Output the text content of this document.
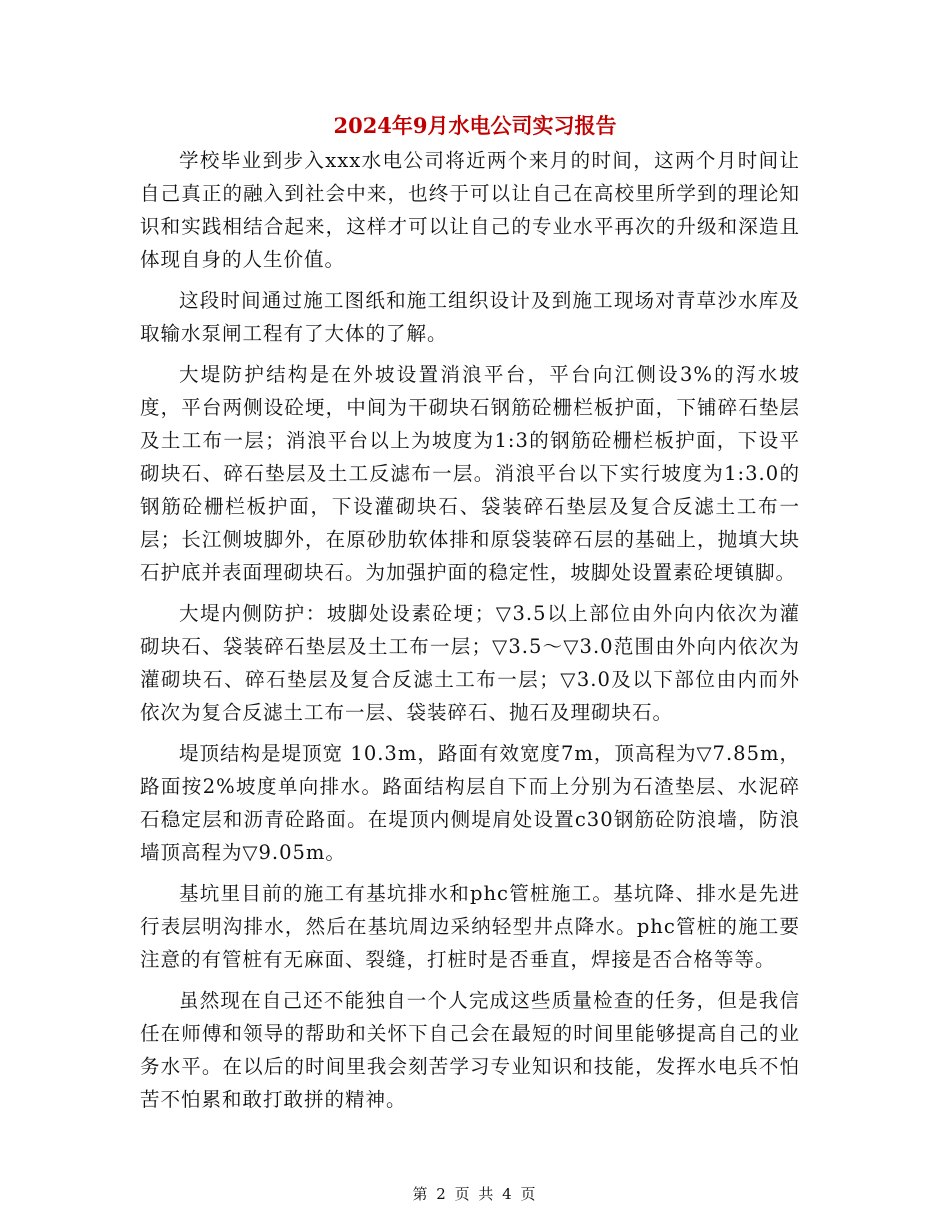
2024年9月水电公司实习报告

学校毕业到步入xxx水电公司将近两个来月的时间，这两个月时间让自己真正的融入到社会中来，也终于可以让自己在高校里所学到的理论知识和实践相结合起来，这样才可以让自己的专业水平再次的升级和深造且体现自身的人生价值。

这段时间通过施工图纸和施工组织设计及到施工现场对青草沙水库及取输水泵闸工程有了大体的了解。

大堤防护结构是在外坡设置消浪平台，平台向江侧设3%的泻水坡度，平台两侧设砼埂，中间为干砌块石钢筋砼栅栏板护面，下铺碎石垫层及土工布一层；消浪平台以上为坡度为1:3的钢筋砼栅栏板护面，下设平砌块石、碎石垫层及土工反滤布一层。消浪平台以下实行坡度为1:3.0的钢筋砼栅栏板护面，下设灌砌块石、袋装碎石垫层及复合反滤土工布一层；长江侧坡脚外，在原砂肋软体排和原袋装碎石层的基础上，抛填大块石护底并表面理砌块石。为加强护面的稳定性，坡脚处设置素砼埂镇脚。

大堤内侧防护：坡脚处设素砼埂；▽3.5以上部位由外向内依次为灌砌块石、袋装碎石垫层及土工布一层；▽3.5～▽3.0范围由外向内依次为灌砌块石、碎石垫层及复合反滤土工布一层；▽3.0及以下部位由内而外依次为复合反滤土工布一层、袋装碎石、抛石及理砌块石。

堤顶结构是堤顶宽 10.3m，路面有效宽度7m，顶高程为▽7.85m，路面按2%坡度单向排水。路面结构层自下而上分别为石渣垫层、水泥碎石稳定层和沥青砼路面。在堤顶内侧堤肩处设置c30钢筋砼防浪墙，防浪墙顶高程为▽9.05m。

基坑里目前的施工有基坑排水和phc管桩施工。基坑降、排水是先进行表层明沟排水，然后在基坑周边采纳轻型井点降水。phc管桩的施工要注意的有管桩有无麻面、裂缝，打桩时是否垂直，焊接是否合格等等。

虽然现在自己还不能独自一个人完成这些质量检查的任务，但是我信任在师傅和领导的帮助和关怀下自己会在最短的时间里能够提高自己的业务水平。在以后的时间里我会刻苦学习专业知识和技能，发挥水电兵不怕苦不怕累和敢打敢拼的精神。

第 2 页 共 4 页
